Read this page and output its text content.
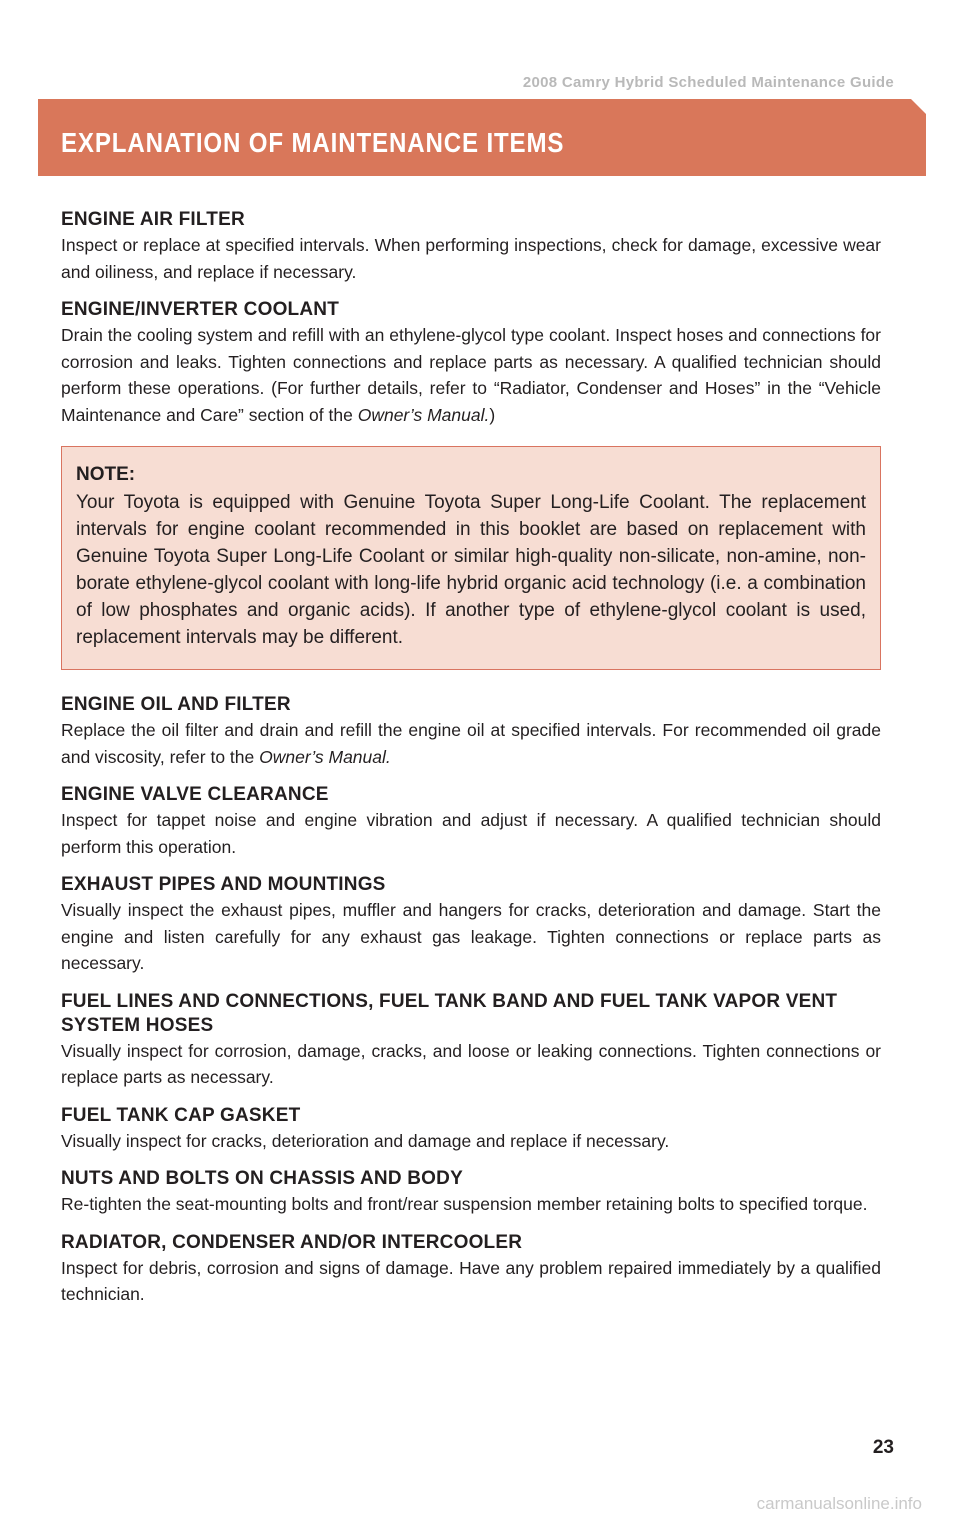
2008 Camry Hybrid Scheduled Maintenance Guide
EXPLANATION OF MAINTENANCE ITEMS
ENGINE AIR FILTER

Inspect or replace at specified intervals. When performing inspections, check for damage, excessive wear and oiliness, and replace if necessary.

ENGINE/INVERTER COOLANT

Drain the cooling system and refill with an ethylene-glycol type coolant. Inspect hoses and connections for corrosion and leaks. Tighten connections and replace parts as necessary. A qualified technician should perform these operations. (For further details, refer to “Radiator, Condenser and Hoses” in the “Vehicle Maintenance and Care” section of the Owner’s Manual.)

NOTE:

Your Toyota is equipped with Genuine Toyota Super Long-Life Coolant. The replacement intervals for engine coolant recommended in this booklet are based on replacement with Genuine Toyota Super Long-Life Coolant or similar high-quality non-silicate, non-amine, non-borate ethylene-glycol coolant with long-life hybrid organic acid technology (i.e. a combination of low phosphates and organic acids). If another type of ethylene-glycol coolant is used, replacement intervals may be different.

ENGINE OIL AND FILTER

Replace the oil filter and drain and refill the engine oil at specified intervals. For recommended oil grade and viscosity, refer to the Owner’s Manual.

ENGINE VALVE CLEARANCE

Inspect for tappet noise and engine vibration and adjust if necessary. A qualified technician should perform this operation.

EXHAUST PIPES AND MOUNTINGS

Visually inspect the exhaust pipes, muffler and hangers for cracks, deterioration and damage. Start the engine and listen carefully for any exhaust gas leakage. Tighten connections or replace parts as necessary.

FUEL LINES AND CONNECTIONS, FUEL TANK BAND AND FUEL TANK VAPOR VENT SYSTEM HOSES

Visually inspect for corrosion, damage, cracks, and loose or leaking connections. Tighten connections or replace parts as necessary.

FUEL TANK CAP GASKET

Visually inspect for cracks, deterioration and damage and replace if necessary.

NUTS AND BOLTS ON CHASSIS AND BODY

Re-tighten the seat-mounting bolts and front/rear suspension member retaining bolts to specified torque.

RADIATOR, CONDENSER AND/OR INTERCOOLER

Inspect for debris, corrosion and signs of damage. Have any problem repaired immediately by a qualified technician.

23
carmanualsonline.info
